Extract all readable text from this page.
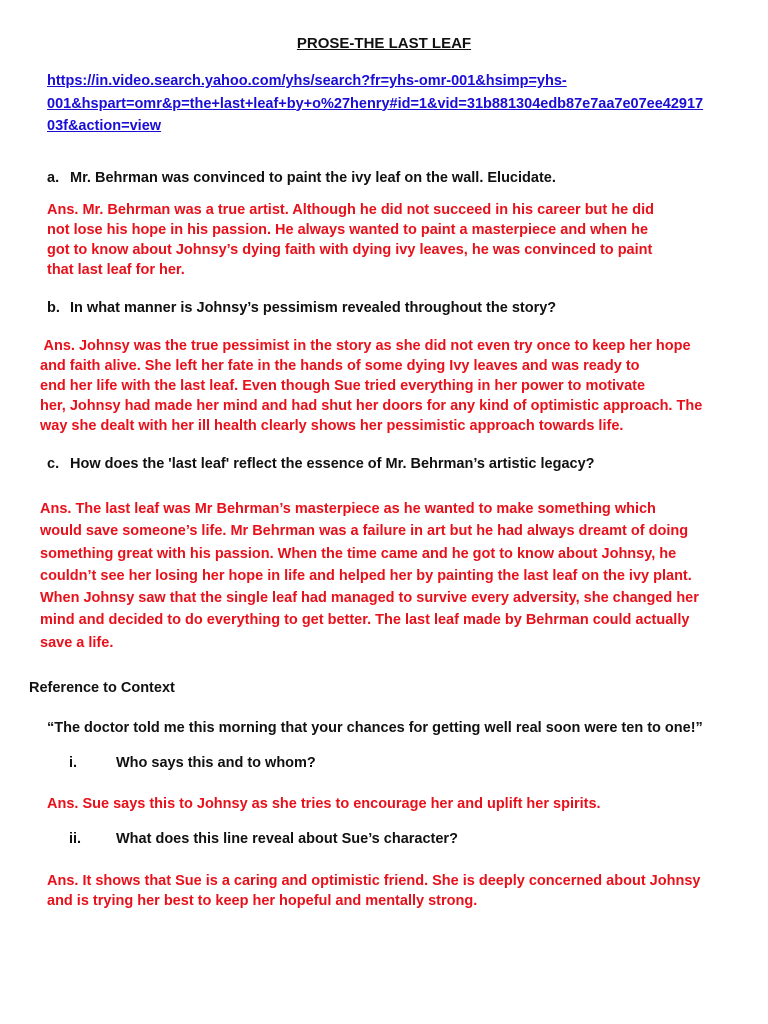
PROSE-THE LAST LEAF
https://in.video.search.yahoo.com/yhs/search?fr=yhs-omr-001&hsimp=yhs-
001&hspart=omr&p=the+last+leaf+by+o%27henry#id=1&vid=31b881304edb87e7aa7e07ee42917
03f&action=view

a. Mr. Behrman was convinced to paint the ivy leaf on the wall. Elucidate.

Ans. Mr. Behrman was a true artist. Although he did not succeed in his career but he did
not lose his hope in his passion. He always wanted to paint a masterpiece and when he
got to know about Johnsy’s dying faith with dying ivy leaves, he was convinced to paint
that last leaf for her.

b. In what manner is Johnsy’s pessimism revealed throughout the story?

Ans. Johnsy was the true pessimist in the story as she did not even try once to keep her hope
and faith alive. She left her fate in the hands of some dying Ivy leaves and was ready to
end her life with the last leaf. Even though Sue tried everything in her power to motivate
her, Johnsy had made her mind and had shut her doors for any kind of optimistic approach. The
way she dealt with her ill health clearly shows her pessimistic approach towards life.

c. How does the 'last leaf' reflect the essence of Mr. Behrman’s artistic legacy?

Ans. The last leaf was Mr Behrman’s masterpiece as he wanted to make something which
would save someone’s life. Mr Behrman was a failure in art but he had always dreamt of doing
something great with his passion. When the time came and he got to know about Johnsy, he
couldn’t see her losing her hope in life and helped her by painting the last leaf on the ivy plant.
When Johnsy saw that the single leaf had managed to survive every adversity, she changed her
mind and decided to do everything to get better. The last leaf made by Behrman could actually
save a life.

Reference to Context

“The doctor told me this morning that your chances for getting well real soon were ten to one!”

i.	Who says this and to whom?

Ans. Sue says this to Johnsy as she tries to encourage her and uplift her spirits.

ii. What does this line reveal about Sue’s character?

Ans. It shows that Sue is a caring and optimistic friend. She is deeply concerned about Johnsy
and is trying her best to keep her hopeful and mentally strong.
